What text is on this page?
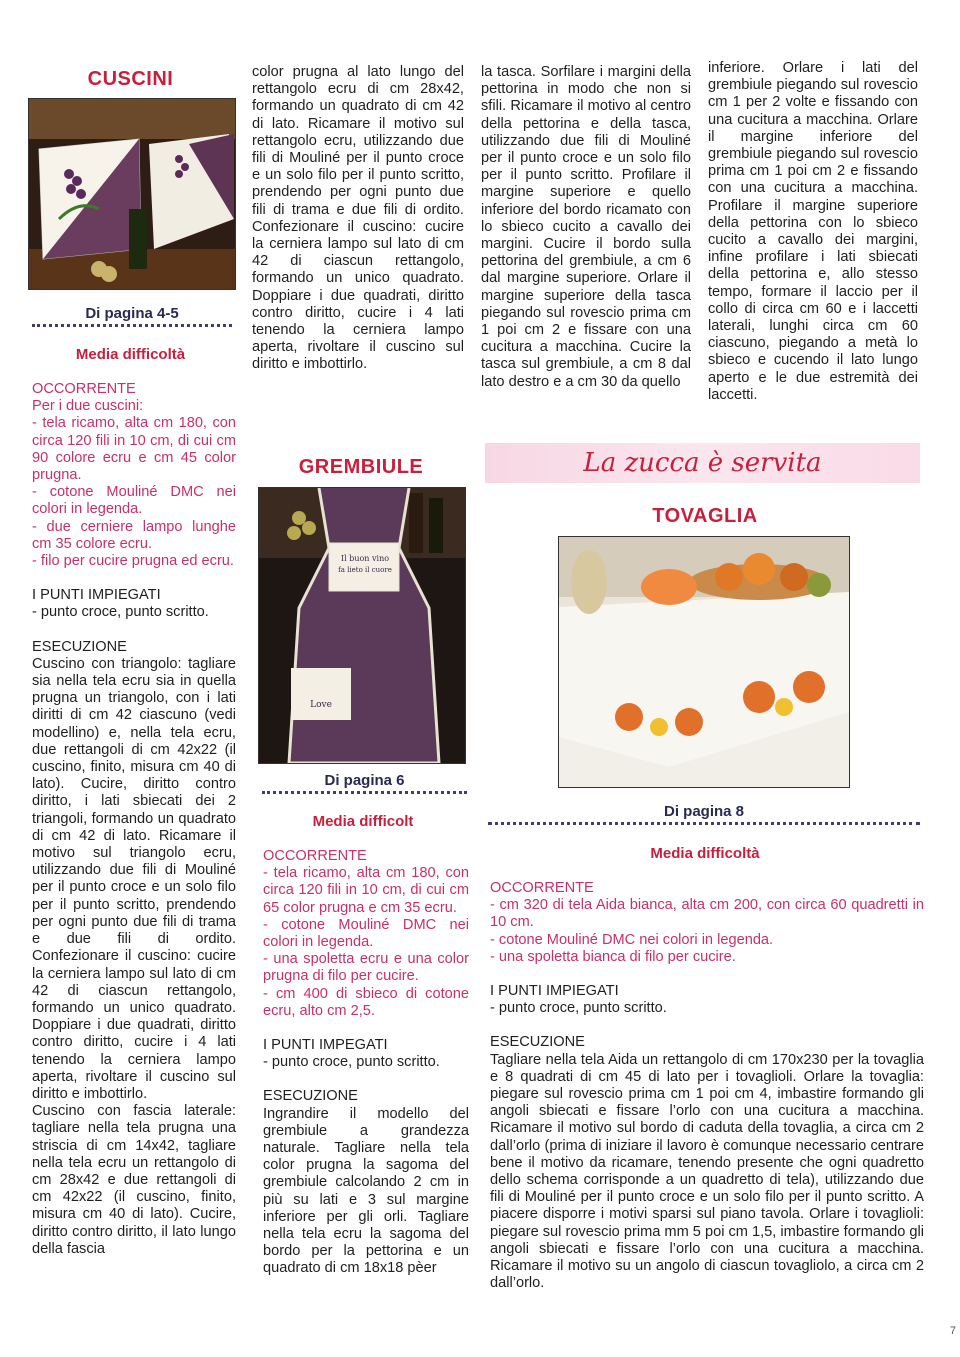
CUSCINI
Di pagina 4-5
Media difficoltà
OCCORRENTE

Per i due cuscini:

- tela ricamo, alta cm 180, con circa 120 fili in 10 cm, di cui cm 90 colore ecru e cm 45 color prugna.

- cotone Mouliné DMC nei colori in legenda.

- due cerniere lampo lunghe cm 35 colore ecru.

- filo per cucire prugna ed ecru.

I PUNTI IMPIEGATI

- punto croce, punto scritto.

ESECUZIONE

Cuscino con triangolo: tagliare sia nella tela ecru sia in quella prugna un triangolo, con i lati diritti di cm 42 ciascuno (vedi modellino) e, nella tela ecru, due rettangoli di cm 42x22 (il cuscino, finito, misura cm 40 di lato). Cucire, diritto contro diritto, i lati sbiecati dei 2 triangoli, formando un quadrato di cm 42 di lato. Ricamare il motivo sul triangolo ecru, utilizzando due fili di Mouliné per il punto croce e un solo filo per il punto scritto, prendendo per ogni punto due fili di trama e due fili di ordito. Confezionare il cuscino: cucire la cerniera lampo sul lato di cm 42 di ciascun rettangolo, formando un unico quadrato. Doppiare i due quadrati, diritto contro diritto, cucire i 4 lati tenendo la cerniera lampo aperta, rivoltare il cuscino sul diritto e imbottirlo.

Cuscino con fascia laterale: tagliare nella tela prugna una striscia di cm 14x42, tagliare nella tela ecru un rettangolo di cm 28x42 e due rettangoli di cm 42x22 (il cuscino, finito, misura cm 40 di lato). Cucire, diritto contro diritto, il lato lungo della fascia

color prugna al lato lungo del rettangolo ecru di cm 28x42, formando un quadrato di cm 42 di lato. Ricamare il motivo sul rettangolo ecru, utilizzando due fili di Mouliné per il punto croce e un solo filo per il punto scritto, prendendo per ogni punto due fili di trama e due fili di ordito. Confezionare il cuscino: cucire la cerniera lampo sul lato di cm 42 di ciascun rettangolo, formando un unico quadrato. Doppiare i due quadrati, diritto contro diritto, cucire i 4 lati tenendo la cerniera lampo aperta, rivoltare il cuscino sul diritto e imbottirlo.

GREMBIULE
Il buon vino
fa lieto il cuore
Love
Di pagina 6
Media difficolt
OCCORRENTE

- tela ricamo, alta cm 180, con circa 120 fili in 10 cm, di cui cm 65 color prugna e cm 35 ecru.

- cotone Mouliné DMC nei colori in legenda.

- una spoletta ecru e una color prugna di filo per cucire.

- cm 400 di sbieco di cotone ecru, alto cm 2,5.

I PUNTI IMPEGATI

- punto croce, punto scritto.

ESECUZIONE

Ingrandire il modello del grembiule a grandezza naturale. Tagliare nella tela color prugna la sagoma del grembiule calcolando 2 cm in più su lati e 3 sul margine inferiore per gli orli. Tagliare nella tela ecru la sagoma del bordo per la pettorina e un quadrato di cm 18x18 pèer

la tasca. Sorfilare i margini della pettorina in modo che non si sfili. Ricamare il motivo al centro della pettorina e della tasca, utilizzando due fili di Mouliné per il punto croce e un solo filo per il punto scritto. Profilare il margine superiore e quello inferiore del bordo ricamato con lo sbieco cucito a cavallo dei margini. Cucire il bordo sulla pettorina del grembiule, a cm 6 dal margine superiore. Orlare il margine superiore della tasca piegando sul rovescio prima cm 1 poi cm 2 e fissare con una cucitura a macchina. Cucire la tasca sul grembiule, a cm 8 dal lato destro e a cm 30 da quello

inferiore. Orlare i lati del grembiule piegando sul rovescio cm 1 per 2 volte e fissando con una cucitura a macchina. Orlare il margine inferiore del grembiule piegando sul rovescio prima cm 1 poi cm 2 e fissando con una cucitura a macchina. Profilare il margine superiore della pettorina con lo sbieco cucito a cavallo dei margini, infine profilare i lati sbiecati della pettorina e, allo stesso tempo, formare il laccio per il collo di circa cm 60 e i laccetti laterali, lunghi circa cm 60 ciascuno, piegando a metà lo sbieco e cucendo il lato lungo aperto e le due estremità dei laccetti.

La zucca è servita
TOVAGLIA
Di pagina 8
Media difficoltà
OCCORRENTE

- cm 320 di tela Aida bianca, alta cm 200, con circa 60 quadretti in 10 cm.

- cotone Mouliné DMC nei colori in legenda.

- una spoletta bianca di filo per cucire.

I PUNTI IMPIEGATI

- punto croce, punto scritto.

ESECUZIONE

Tagliare nella tela Aida un rettangolo di cm 170x230 per la tovaglia e 8 quadrati di cm 45 di lato per i tovaglioli. Orlare la tovaglia: piegare sul rovescio prima cm 1 poi cm 4, imbastire formando gli angoli sbiecati e fissare l’orlo con una cucitura a macchina. Ricamare il motivo sul bordo di caduta della tovaglia, a circa cm 2 dall’orlo (prima di iniziare il lavoro è comunque necessario centrare bene il motivo da ricamare, tenendo presente che ogni quadretto dello schema corrisponde a un quadretto di tela), utilizzando due fili di Mouliné per il punto croce e un solo filo per il punto scritto. A piacere disporre i motivi sparsi sul piano tavola. Orlare i tovaglioli: piegare sul rovescio prima mm 5 poi cm 1,5, imbastire formando gli angoli sbiecati e fissare l’orlo con una cucitura a macchina. Ricamare il motivo su un angolo di ciascun tovagliolo, a circa cm 2 dall’orlo.

7
